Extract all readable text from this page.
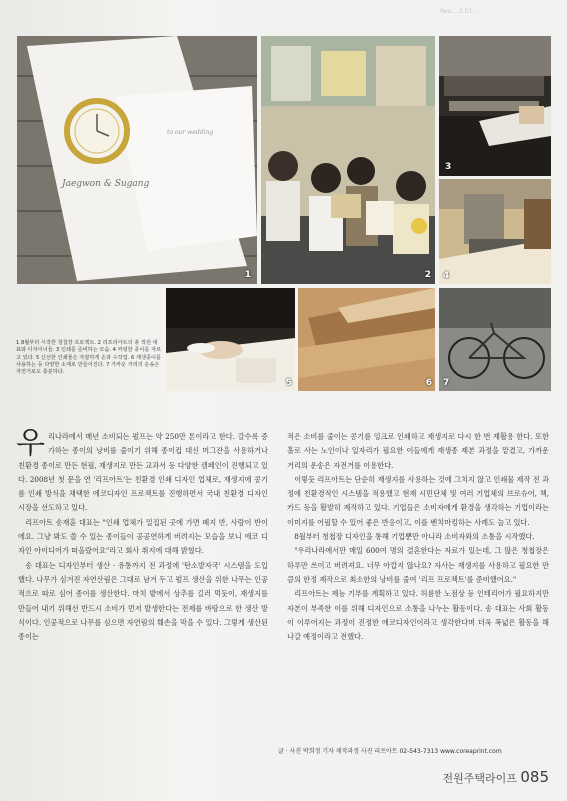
Rea... 2.01...
Jaegwon & Sugang
to our wedding
1	2
3
4
5	6 7
1 8월부터 시작한 청첩장 프로젝트. 2 리프리아트의 총 작원 대표와 디자이너들. 3 인쇄를 준비하는 모습. 4 커팅한 종이를 자르고 있다. 5 신선한 인쇄물은 자잘하게 손과 수작업. 6 재생종이를 사용하는 등 다양한 소재로 만들어진다. 7 가까운 거리의 운송은 자전거로도 충분하다.

우리나라에서 매년 소비되는 펄프는 약 250만 톤이라고 한다. 갈수록 증가하는 종이의 낭비를 줄이기 위해 종이컵 대신 머그잔을 사용하거나 친환경 종이로 만든 현필, 재생지로 만든 교과서 등 다양한 캠페인이 진행되고 있다. 2008년 첫 문을 연 '리프아트'는 친환경 인쇄 디자인 업체로, 재생지에 콩기름 인쇄 방식을 채택한 에코디자인 프로젝트를 진행하면서 국내 친환경 디자인 시장을 선도하고 있다.

리프아트 송재훈 대표는 "인쇄 업체가 밀집된 곳에 가면 폐지 반, 사람이 반이에요. 그냥 봐도 쓸 수 있는 종이들이 공공연하게 버려지는 모습을 보니 에코 디자인 아이디어가 떠올랐어요"라고 회사 취지에 대해 밝혔다.

송 대표는 디자인부터 생산 · 유통까지 전 과정에 '탄소발자국' 시스템을 도입했다. 나무가 심겨진 자연산림은 그대로 남겨 두고 펄프 생산을 위한 나무는 인공적으로 따로 심어 종이를 생산한다. 마치 밭에서 상추를 길러 먹듯이, 재생지를 만들어 내기 위해선 반드시 소비가 먼저 발생한다는 전제를 바탕으로 한 생산 방식이다. 인공적으로 나무를 심으면 자연림의 훼손을 막을 수 있다. 그렇게 생산된 종이는

적은 소비를 줄이는 콩기름 잉크로 인쇄하고 재생지로 다시 한 번 재활용 한다. 또한 홀로 사는 노인이나 일자리가 필요한 이들에게 재생종 제본 과정을 맡겼고, 가까운 거리의 운송은 자전거를 이용한다.

이렇듯 리프아트는 단순히 재생지를 사용하는 것에 그치지 않고 인쇄물 제작 전 과정에 친환경적인 시스템을 적용했고 현재 시민단체 및 여러 기업체의 브로슈어, 책, 카드 등을 활발히 제작하고 있다. 기업들은 소비자에게 환경을 생각하는 기업이라는 이미지를 어필할 수 있어 좋은 반응이고, 이를 벤치마킹하는 사례도 늘고 있다.

8월부터 청첩장 디자인을 통해 기업뿐만 아니라 소비자와의 소통을 시작했다.

"우리나라에서만 매일 600여 명의 결혼한다는 자료가 있는데, 그 많은 청첩장은 하루만 쓰이고 버려져요. 너무 아깝지 않나요? 자사는 재생지를 사용하고 필요한 만큼의 한정 제작으로 최소한의 낭비를 줄여 '리프 프로젝트'를 준비했어요."

리프아트는 제능 기부를 계획하고 있다. 허름한 노점상 등 인테리어가 필요하지만 자본이 부족한 이를 위해 디자인으로 소통을 나누는 활동이다. 송 대표는 사회 활동이 이루어지는 과정이 진정한 에코디자인이라고 생각한다며 더욱 폭넓은 활동을 해 나갈 예정이라고 전했다.

글 · 사진 박희정 기자 제작과정 사진 리프아트 02-543-7313 www.coreaprint.com
전원주택라이프 085
